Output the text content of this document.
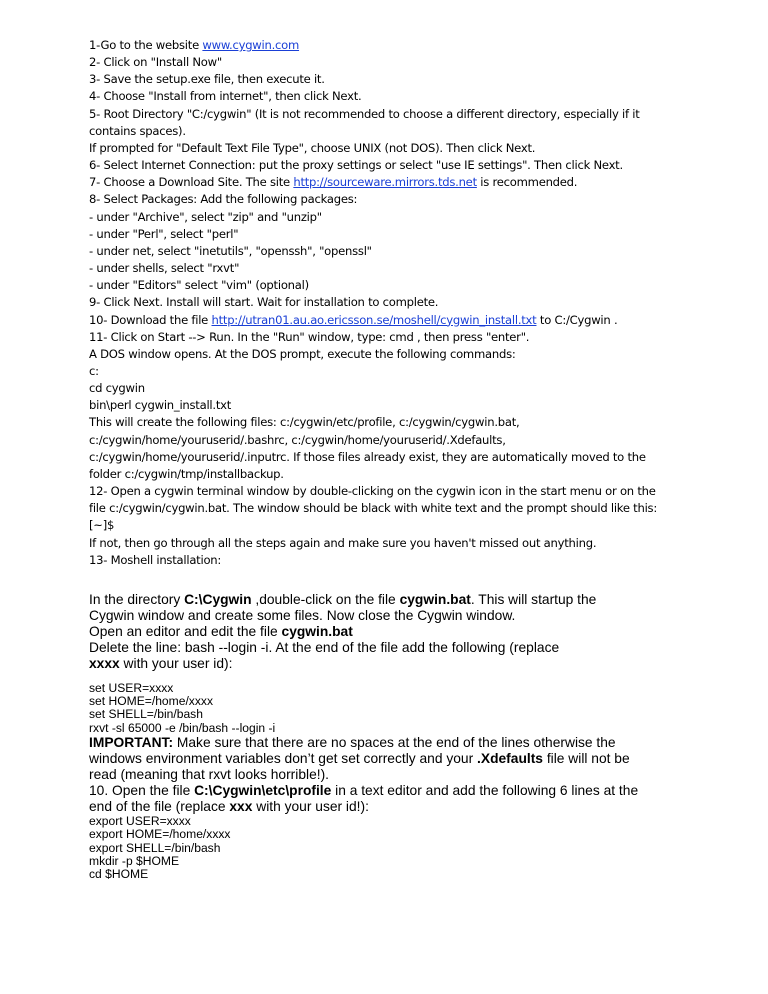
1-Go to the website www.cygwin.com
2- Click on "Install Now"
3- Save the setup.exe file, then execute it.
4- Choose "Install from internet", then click Next.
5- Root Directory "C:/cygwin" (It is not recommended to choose a different directory, especially if it
contains spaces).
If prompted for "Default Text File Type", choose UNIX (not DOS). Then click Next.
6- Select Internet Connection: put the proxy settings or select "use IE settings". Then click Next.
7- Choose a Download Site. The site http://sourceware.mirrors.tds.net is recommended.
8- Select Packages: Add the following packages:
- under "Archive", select "zip" and "unzip"
- under "Perl", select "perl"
- under net, select "inetutils", "openssh", "openssl"
- under shells, select "rxvt"
- under "Editors" select "vim" (optional)
9- Click Next. Install will start. Wait for installation to complete.
10- Download the file http://utran01.au.ao.ericsson.se/moshell/cygwin_install.txt to C:/Cygwin .
11- Click on Start --> Run. In the "Run" window, type: cmd , then press "enter".
A DOS window opens. At the DOS prompt, execute the following commands:
c:
cd cygwin
bin\perl cygwin_install.txt
This will create the following files: c:/cygwin/etc/profile, c:/cygwin/cygwin.bat,
c:/cygwin/home/youruserid/.bashrc, c:/cygwin/home/youruserid/.Xdefaults,
c:/cygwin/home/youruserid/.inputrc. If those files already exist, they are automatically moved to the
folder c:/cygwin/tmp/installbackup.
12- Open a cygwin terminal window by double-clicking on the cygwin icon in the start menu or on the
file c:/cygwin/cygwin.bat. The window should be black with white text and the prompt should like this:
[~]$
If not, then go through all the steps again and make sure you haven't missed out anything.
13- Moshell installation:
In the directory C:\Cygwin ,double-click on the file cygwin.bat. This will startup the
Cygwin window and create some files. Now close the Cygwin window.
Open an editor and edit the file cygwin.bat
Delete the line: bash --login -i. At the end of the file add the following (replace
xxxx with your user id):
set USER=xxxx
set HOME=/home/xxxx
set SHELL=/bin/bash
rxvt -sl 65000 -e /bin/bash --login -i
IMPORTANT: Make sure that there are no spaces at the end of the lines otherwise the
windows environment variables don’t get set correctly and your .Xdefaults file will not be
read (meaning that rxvt looks horrible!).
10. Open the file C:\Cygwin\etc\profile in a text editor and add the following 6 lines at the
end of the file (replace xxx with your user id!):
export USER=xxxx
export HOME=/home/xxxx
export SHELL=/bin/bash
mkdir -p $HOME
cd $HOME
